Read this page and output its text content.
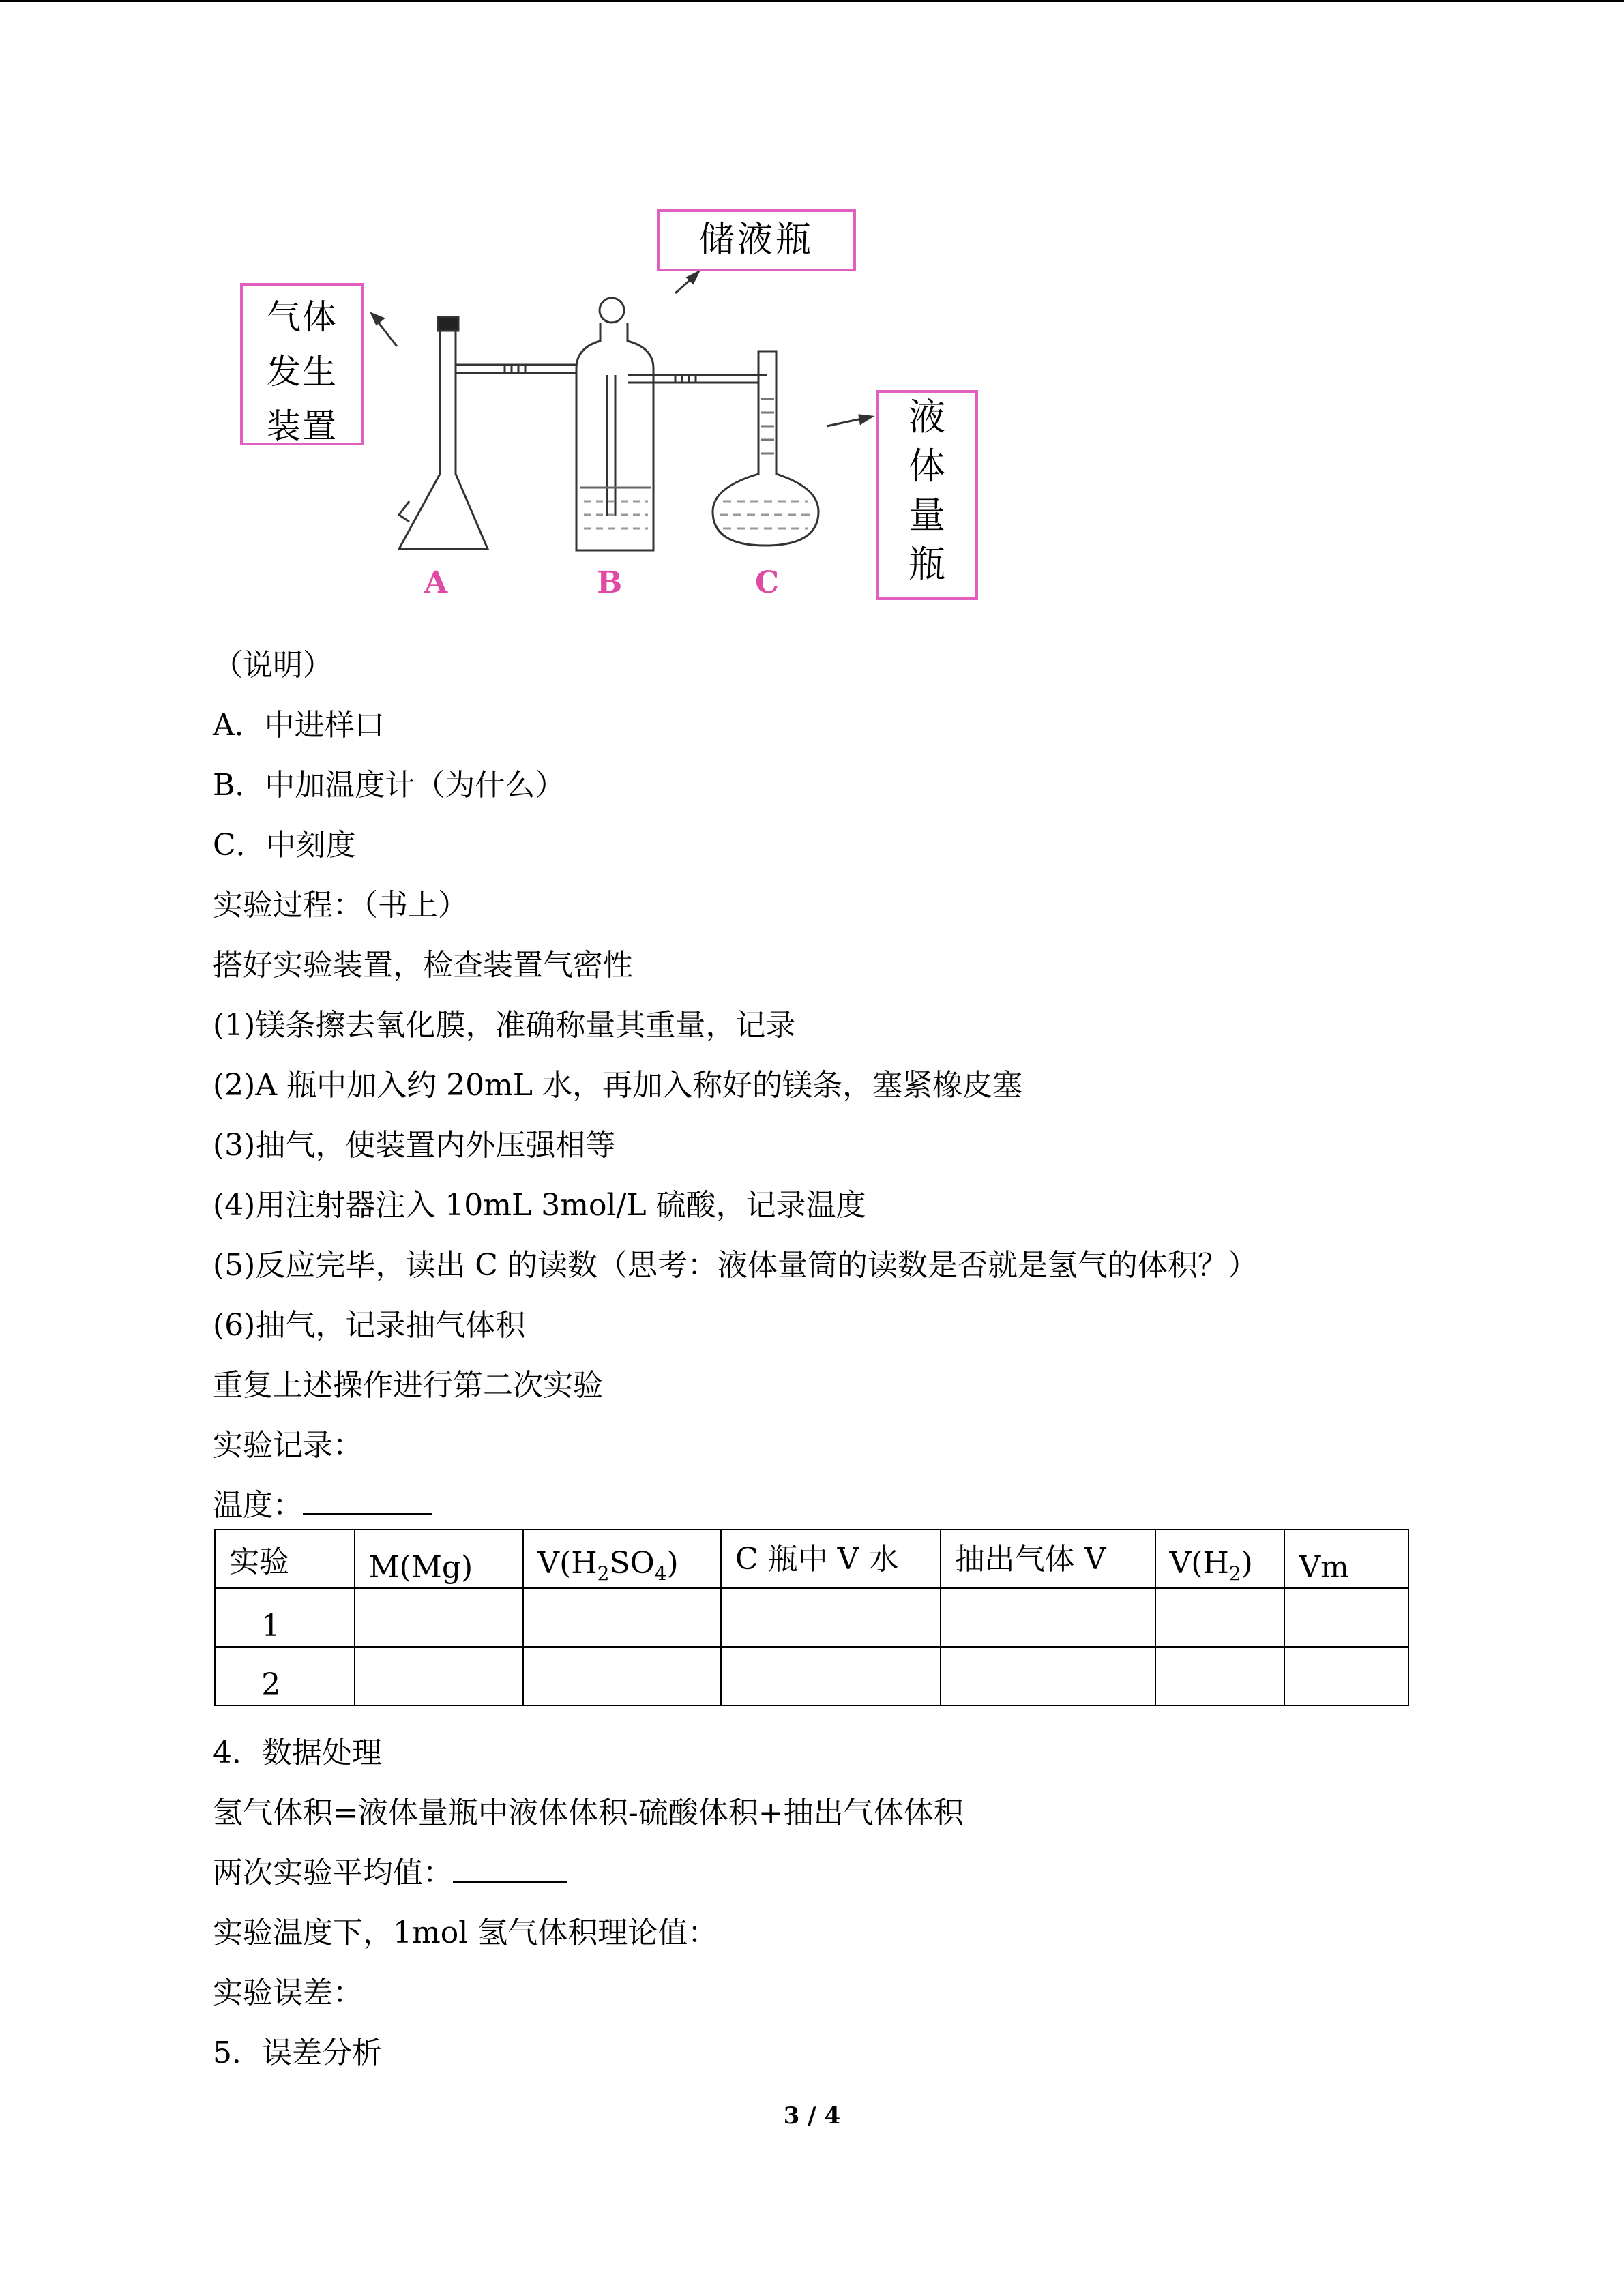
气体
发生
装置
储液瓶
液
体
量
瓶
A	B	C
（说明）
A．中进样口
B．中加温度计（为什么）
C．中刻度
实验过程：（书上）
搭好实验装置，检查装置气密性
(1)镁条擦去氧化膜，准确称量其重量，记录
(2)A 瓶中加入约 20mL 水，再加入称好的镁条，塞紧橡皮塞
(3)抽气，使装置内外压强相等
(4)用注射器注入 10mL 3mol/L 硫酸，记录温度
(5)反应完毕，读出 C 的读数（思考：液体量筒的读数是否就是氢气的体积？）
(6)抽气，记录抽气体积
重复上述操作进行第二次实验
实验记录：
温度：
实验	M(Mg)	$V(H_2SO_4)$	C 瓶中 V 水	抽出气体 V	$V(H_2)$	Vm
1						
2						
4．数据处理
氢气体积=液体量瓶中液体体积-硫酸体积+抽出气体体积
两次实验平均值：
实验温度下，1mol 氢气体积理论值：
实验误差：
5．误差分析
3 / 4
